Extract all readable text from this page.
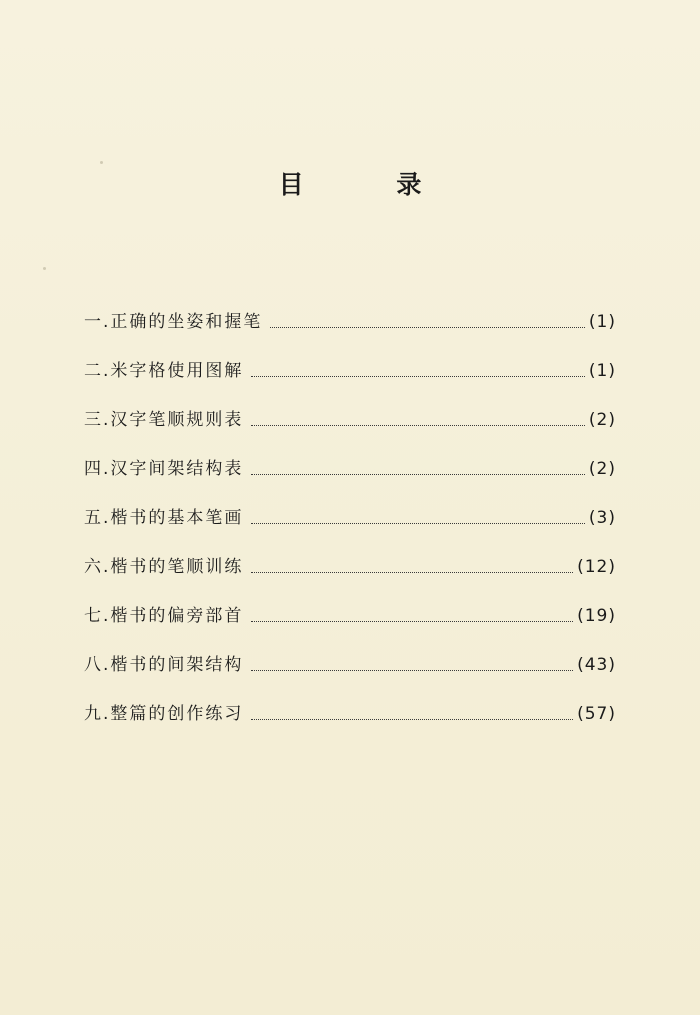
目 录
一.正确的坐姿和握笔	(1)
二.米字格使用图解	(1)
三.汉字笔顺规则表	(2)
四.汉字间架结构表	(2)
五.楷书的基本笔画	(3)
六.楷书的笔顺训练	(12)
七.楷书的偏旁部首	(19)
八.楷书的间架结构	(43)
九.整篇的创作练习	(57)
